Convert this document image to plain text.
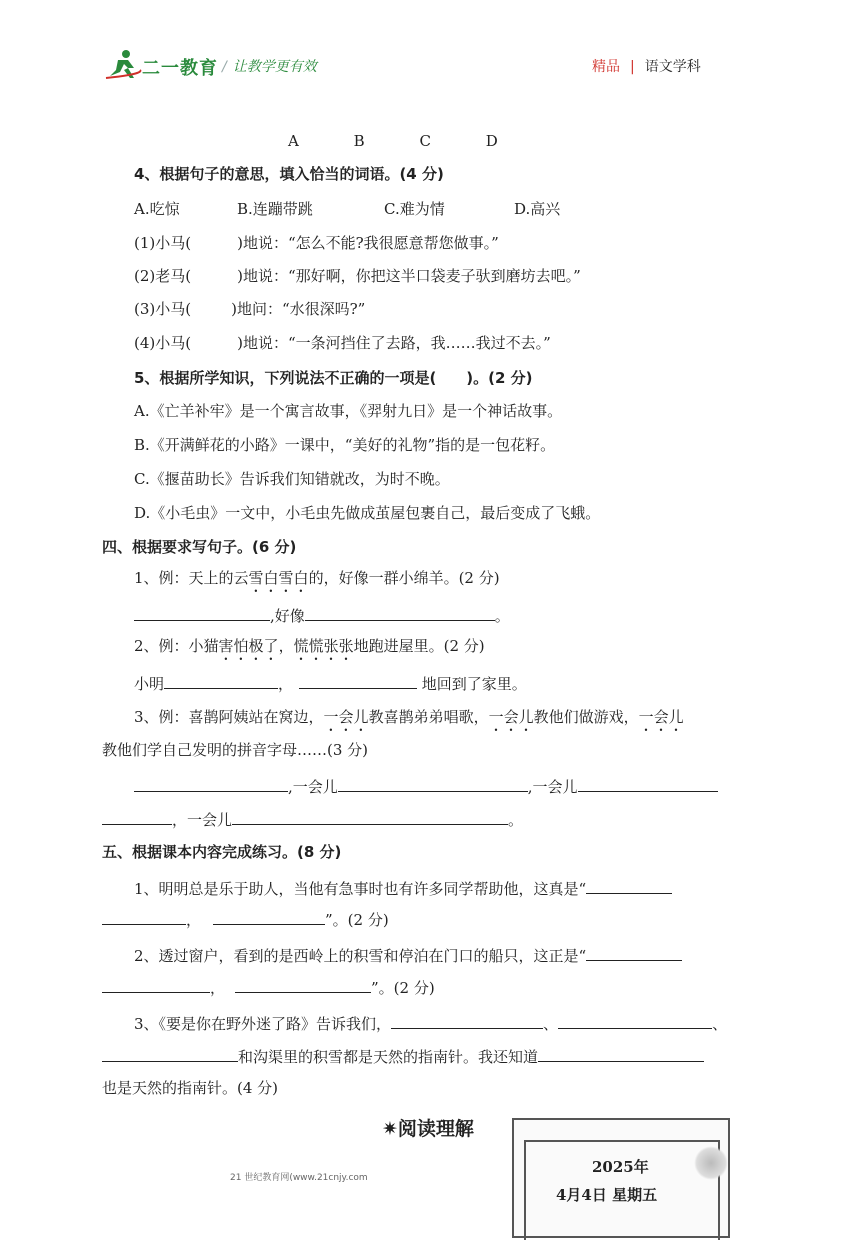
二一教育 / 让教学更有效	精品 | 语文学科
A	B	C	D
4、根据句子的意思，填入恰当的词语。(4 分)
A.吃惊	B.连蹦带跳	C.难为情	D.高兴
(1)小马(	)地说：“怎么不能?我很愿意帮您做事。”
(2)老马(	)地说：“那好啊，你把这半口袋麦子驮到磨坊去吧。”
(3)小马(	)地问：“水很深吗?”
(4)小马(	)地说：“一条河挡住了去路，我……我过不去。”
5、根据所学知识，下列说法不正确的一项是(　　)。(2 分)
A.《亡羊补牢》是一个寓言故事，《羿射九日》是一个神话故事。
B.《开满鲜花的小路》一课中，“美好的礼物”指的是一包花籽。
C.《揠苗助长》告诉我们知错就改，为时不晚。
D.《小毛虫》一文中，小毛虫先做成茧屋包裹自己，最后变成了飞蛾。
四、根据要求写句子。(6 分)
1、例：天上的云雪白雪白的，好像一群小绵羊。(2 分)
,好像	。
2、例：小猫害怕极了，慌慌张张地跑进屋里。(2 分)
小明	，	地回到了家里。
3、例：喜鹊阿姨站在窝边，一会儿教喜鹊弟弟唱歌，一会儿教他们做游戏，一会儿
教他们学自己发明的拼音字母……(3 分)
,一会儿	,一会儿
，一会儿	。
五、根据课本内容完成练习。(8 分)
1、明明总是乐于助人，当他有急事时也有许多同学帮助他，这真是“
，	”。(2 分)
2、透过窗户，看到的是西岭上的积雪和停泊在门口的船只，这正是“
，	”。(2 分)
3、《要是你在野外迷了路》告诉我们，	、	、
和沟渠里的积雪都是天然的指南针。我还知道
也是天然的指南针。(4 分)
✷阅读理解
2025年
4月4日 星期五
21 世纪教育网(www.21cnjy.com
